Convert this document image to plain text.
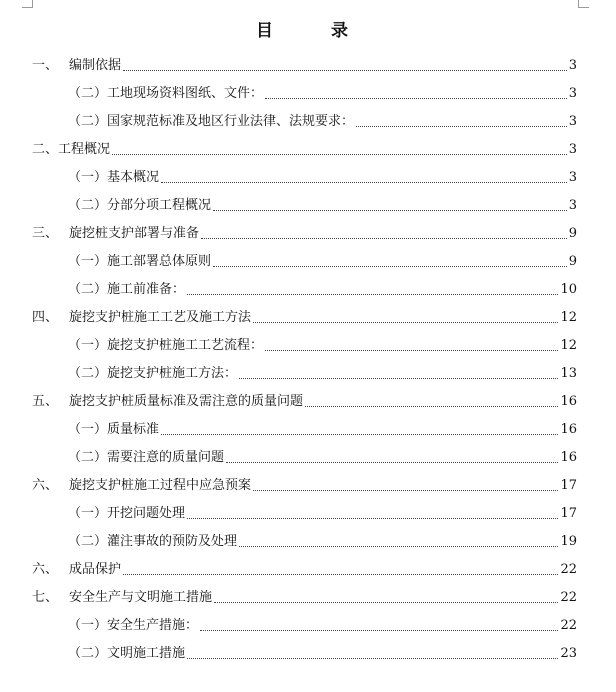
目 录
一、 编制依据	3
（二）工地现场资料图纸、文件：	3
（二）国家规范标准及地区行业法律、法规要求：	3
二、工程概况	3
（一）基本概况	3
（二）分部分项工程概况	3
三、 旋挖桩支护部署与准备	9
（一）施工部署总体原则	9
（二）施工前准备：	10
四、 旋挖支护桩施工工艺及施工方法	12
（一）旋挖支护桩施工工艺流程：	12
（二）旋挖支护桩施工方法：	13
五、 旋挖支护桩质量标准及需注意的质量问题	16
（一）质量标准	16
（二）需要注意的质量问题	16
六、 旋挖支护桩施工过程中应急预案	17
（一）开挖问题处理	17
（二）灌注事故的预防及处理	19
六、 成品保护	22
七、 安全生产与文明施工措施	22
（一）安全生产措施：	22
（二）文明施工措施	23
